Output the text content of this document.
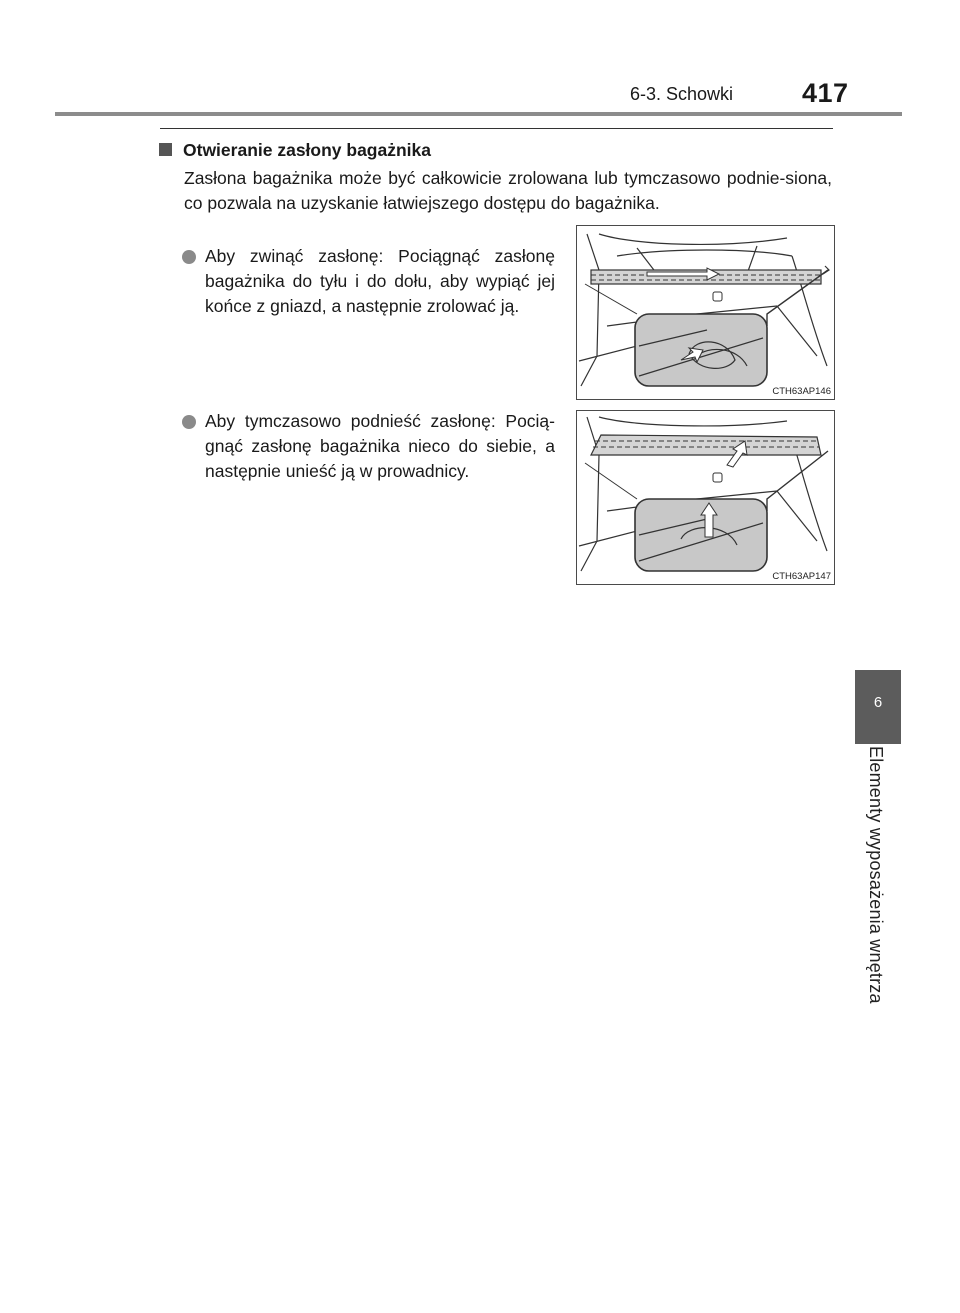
6-3. Schowki	417
Otwieranie zasłony bagażnika
Zasłona bagażnika może być całkowicie zrolowana lub tymczasowo podnie-siona, co pozwala na uzyskanie łatwiejszego dostępu do bagażnika.
Aby zwinąć zasłonę: Pociągnąć zasłonę bagażnika do tyłu i do dołu, aby wypiąć jej końce z gniazd, a następnie zrolować ją.
CTH63AP146
Aby tymczasowo podnieść zasłonę: Pocią-gnąć zasłonę bagażnika nieco do siebie, a następnie unieść ją w prowadnicy.
CTH63AP147
6
Elementy wyposażenia wnętrza
